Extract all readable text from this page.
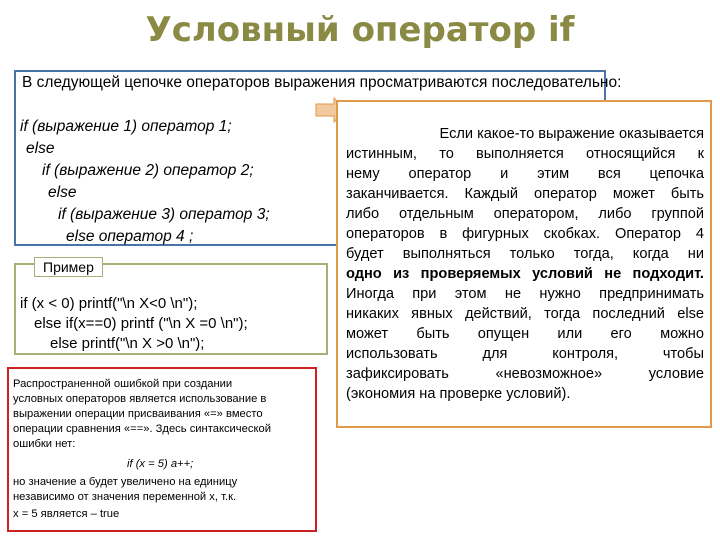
Условный оператор if
В следующей цепочке операторов выражения просматриваются последовательно:
if (выражение 1) оператор 1;
else
if (выражение 2) оператор 2;
else
if (выражение 3) оператор 3;
else оператор 4 ;
Пример
if (x < 0) printf("\n X<0 \n");
else if(x==0) printf ("\n X =0 \n");
else printf("\n X >0 \n");
Распространенной ошибкой при создании
условных операторов является использование в
выражении операции присваивания «=» вместо
операции сравнения «==». Здесь синтаксической
ошибки нет:
if (x = 5) a++;
но значение a будет увеличено на единицу
независимо от значения переменной x, т.к.
x = 5 является – true
Если какое-то выражение оказывается
истинным, то выполняется относящийся к
нему оператор и этим вся цепочка
заканчивается. Каждый оператор может быть
либо отдельным оператором, либо группой
операторов в фигурных скобках. Оператор 4
будет выполняться только тогда, когда ни
одно из проверяемых условий не подходит.
Иногда при этом не нужно предпринимать
никаких явных действий, тогда последний else
может быть опущен или его можно
использовать для контроля, чтобы
зафиксировать «невозможное» условие
(экономия на проверке условий).
